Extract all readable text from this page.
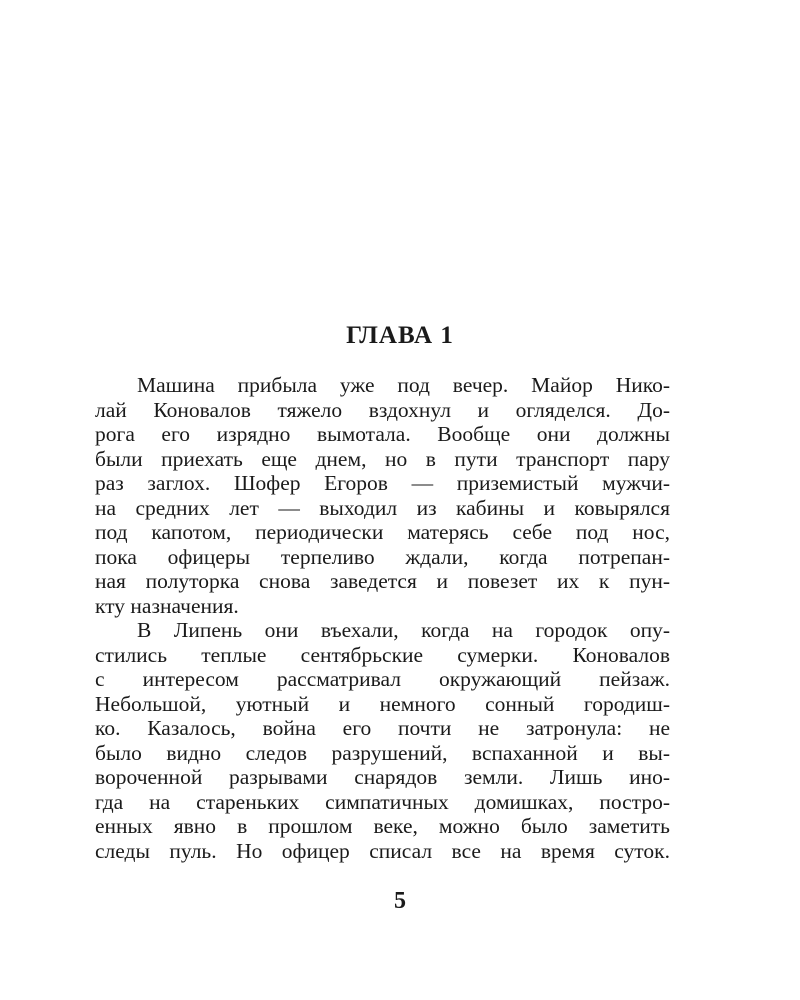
ГЛАВА 1
Машина прибыла уже под вечер. Майор Нико-
лай Коновалов тяжело вздохнул и огляделся. До-
рога его изрядно вымотала. Вообще они должны
были приехать еще днем, но в пути транспорт пару
раз заглох. Шофер Егоров — приземистый мужчи-
на средних лет — выходил из кабины и ковырялся
под капотом, периодически матерясь себе под нос,
пока офицеры терпеливо ждали, когда потрепан-
ная полуторка снова заведется и повезет их к пун-
кту назначения.
В Липень они въехали, когда на городок опу-
стились теплые сентябрьские сумерки. Коновалов
с интересом рассматривал окружающий пейзаж.
Небольшой, уютный и немного сонный городиш-
ко. Казалось, война его почти не затронула: не
было видно следов разрушений, вспаханной и вы-
вороченной разрывами снарядов земли. Лишь ино-
гда на стареньких симпатичных домишках, постро-
енных явно в прошлом веке, можно было заметить
следы пуль. Но офицер списал все на время суток.
5
